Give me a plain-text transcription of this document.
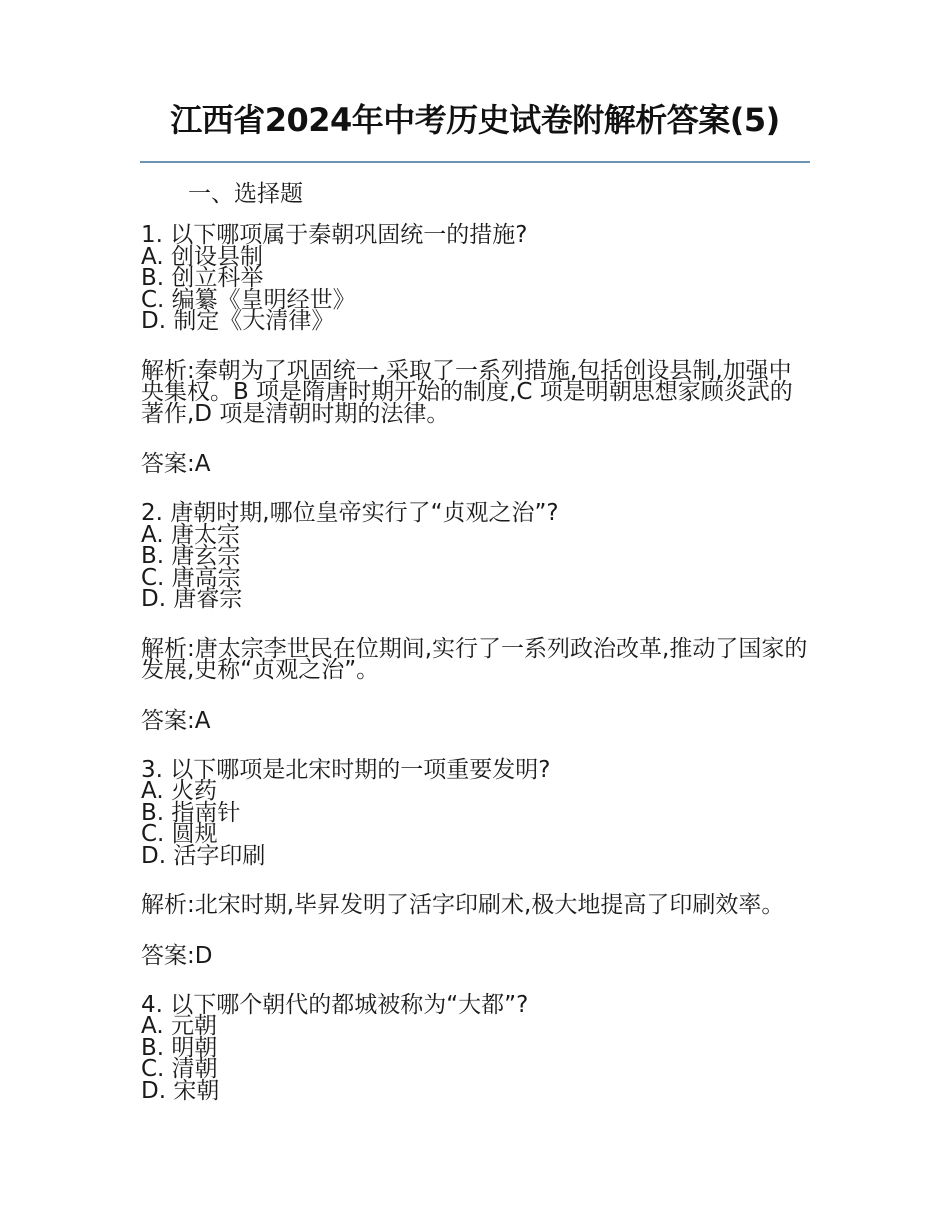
江西省2024年中考历史试卷附解析答案(5)
一、选择题

1. 以下哪项属于秦朝巩固统一的措施?

A. 创设县制
B. 创立科举
C. 编纂《皇明经世》
D. 制定《大清律》

解析:秦朝为了巩固统一,采取了一系列措施,包括创设县制,加强中央集权。B 项是隋唐时期开始的制度,C 项是明朝思想家顾炎武的著作,D 项是清朝时期的法律。

答案:A

2. 唐朝时期,哪位皇帝实行了“贞观之治”?

A. 唐太宗
B. 唐玄宗
C. 唐高宗
D. 唐睿宗

解析:唐太宗李世民在位期间,实行了一系列政治改革,推动了国家的发展,史称“贞观之治”。

答案:A

3. 以下哪项是北宋时期的一项重要发明?

A. 火药
B. 指南针
C. 圆规
D. 活字印刷

解析:北宋时期,毕昇发明了活字印刷术,极大地提高了印刷效率。

答案:D

4. 以下哪个朝代的都城被称为“大都”?

A. 元朝
B. 明朝
C. 清朝
D. 宋朝
